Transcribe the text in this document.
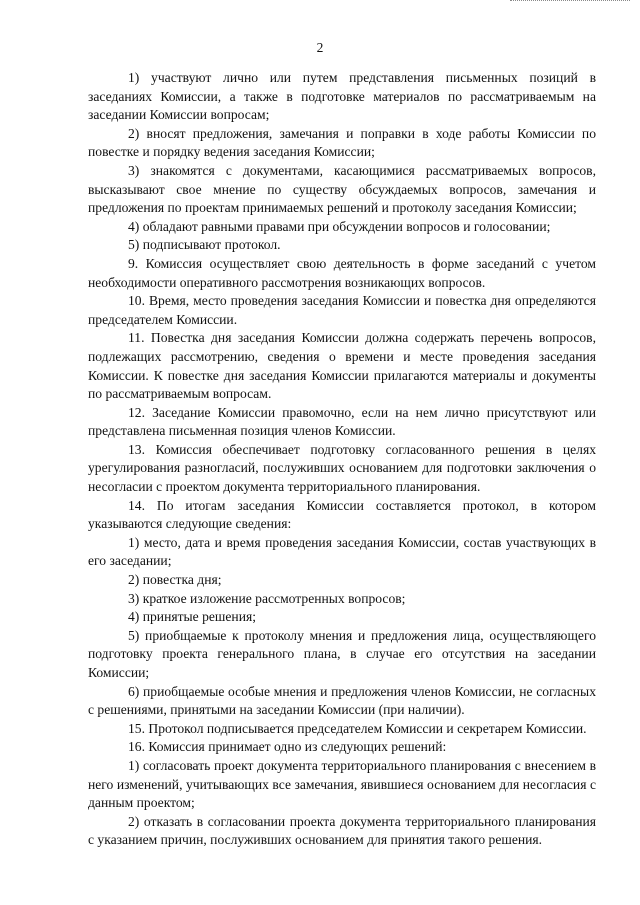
2

1) участвуют лично или путем представления письменных позиций в заседаниях Комиссии, а также в подготовке материалов по рассматриваемым на заседании Комиссии вопросам;

2) вносят предложения, замечания и поправки в ходе работы Комиссии по повестке и порядку ведения заседания Комиссии;

3) знакомятся с документами, касающимися рассматриваемых вопросов, высказывают свое мнение по существу обсуждаемых вопросов, замечания и предложения по проектам принимаемых решений и протоколу заседания Комиссии;

4) обладают равными правами при обсуждении вопросов и голосовании;

5) подписывают протокол.

9. Комиссия осуществляет свою деятельность в форме заседаний с учетом необходимости оперативного рассмотрения возникающих вопросов.

10. Время, место проведения заседания Комиссии и повестка дня определяются председателем Комиссии.

11. Повестка дня заседания Комиссии должна содержать перечень вопросов, подлежащих рассмотрению, сведения о времени и месте проведения заседания Комиссии. К повестке дня заседания Комиссии прилагаются материалы и документы по рассматриваемым вопросам.

12. Заседание Комиссии правомочно, если на нем лично присутствуют или представлена письменная позиция членов Комиссии.

13. Комиссия обеспечивает подготовку согласованного решения в целях урегулирования разногласий, послуживших основанием для подготовки заключения о несогласии с проектом документа территориального планирования.

14. По итогам заседания Комиссии составляется протокол, в котором указываются следующие сведения:

1) место, дата и время проведения заседания Комиссии, состав участвующих в его заседании;

2) повестка дня;

3) краткое изложение рассмотренных вопросов;

4) принятые решения;

5) приобщаемые к протоколу мнения и предложения лица, осуществляющего подготовку проекта генерального плана, в случае его отсутствия на заседании Комиссии;

6) приобщаемые особые мнения и предложения членов Комиссии, не согласных с решениями, принятыми на заседании Комиссии (при наличии).

15. Протокол подписывается председателем Комиссии и секретарем Комиссии.

16. Комиссия принимает одно из следующих решений:

1) согласовать проект документа территориального планирования с внесением в него изменений, учитывающих все замечания, явившиеся основанием для несогласия с данным проектом;

2) отказать в согласовании проекта документа территориального планирования с указанием причин, послуживших основанием для принятия такого решения.
